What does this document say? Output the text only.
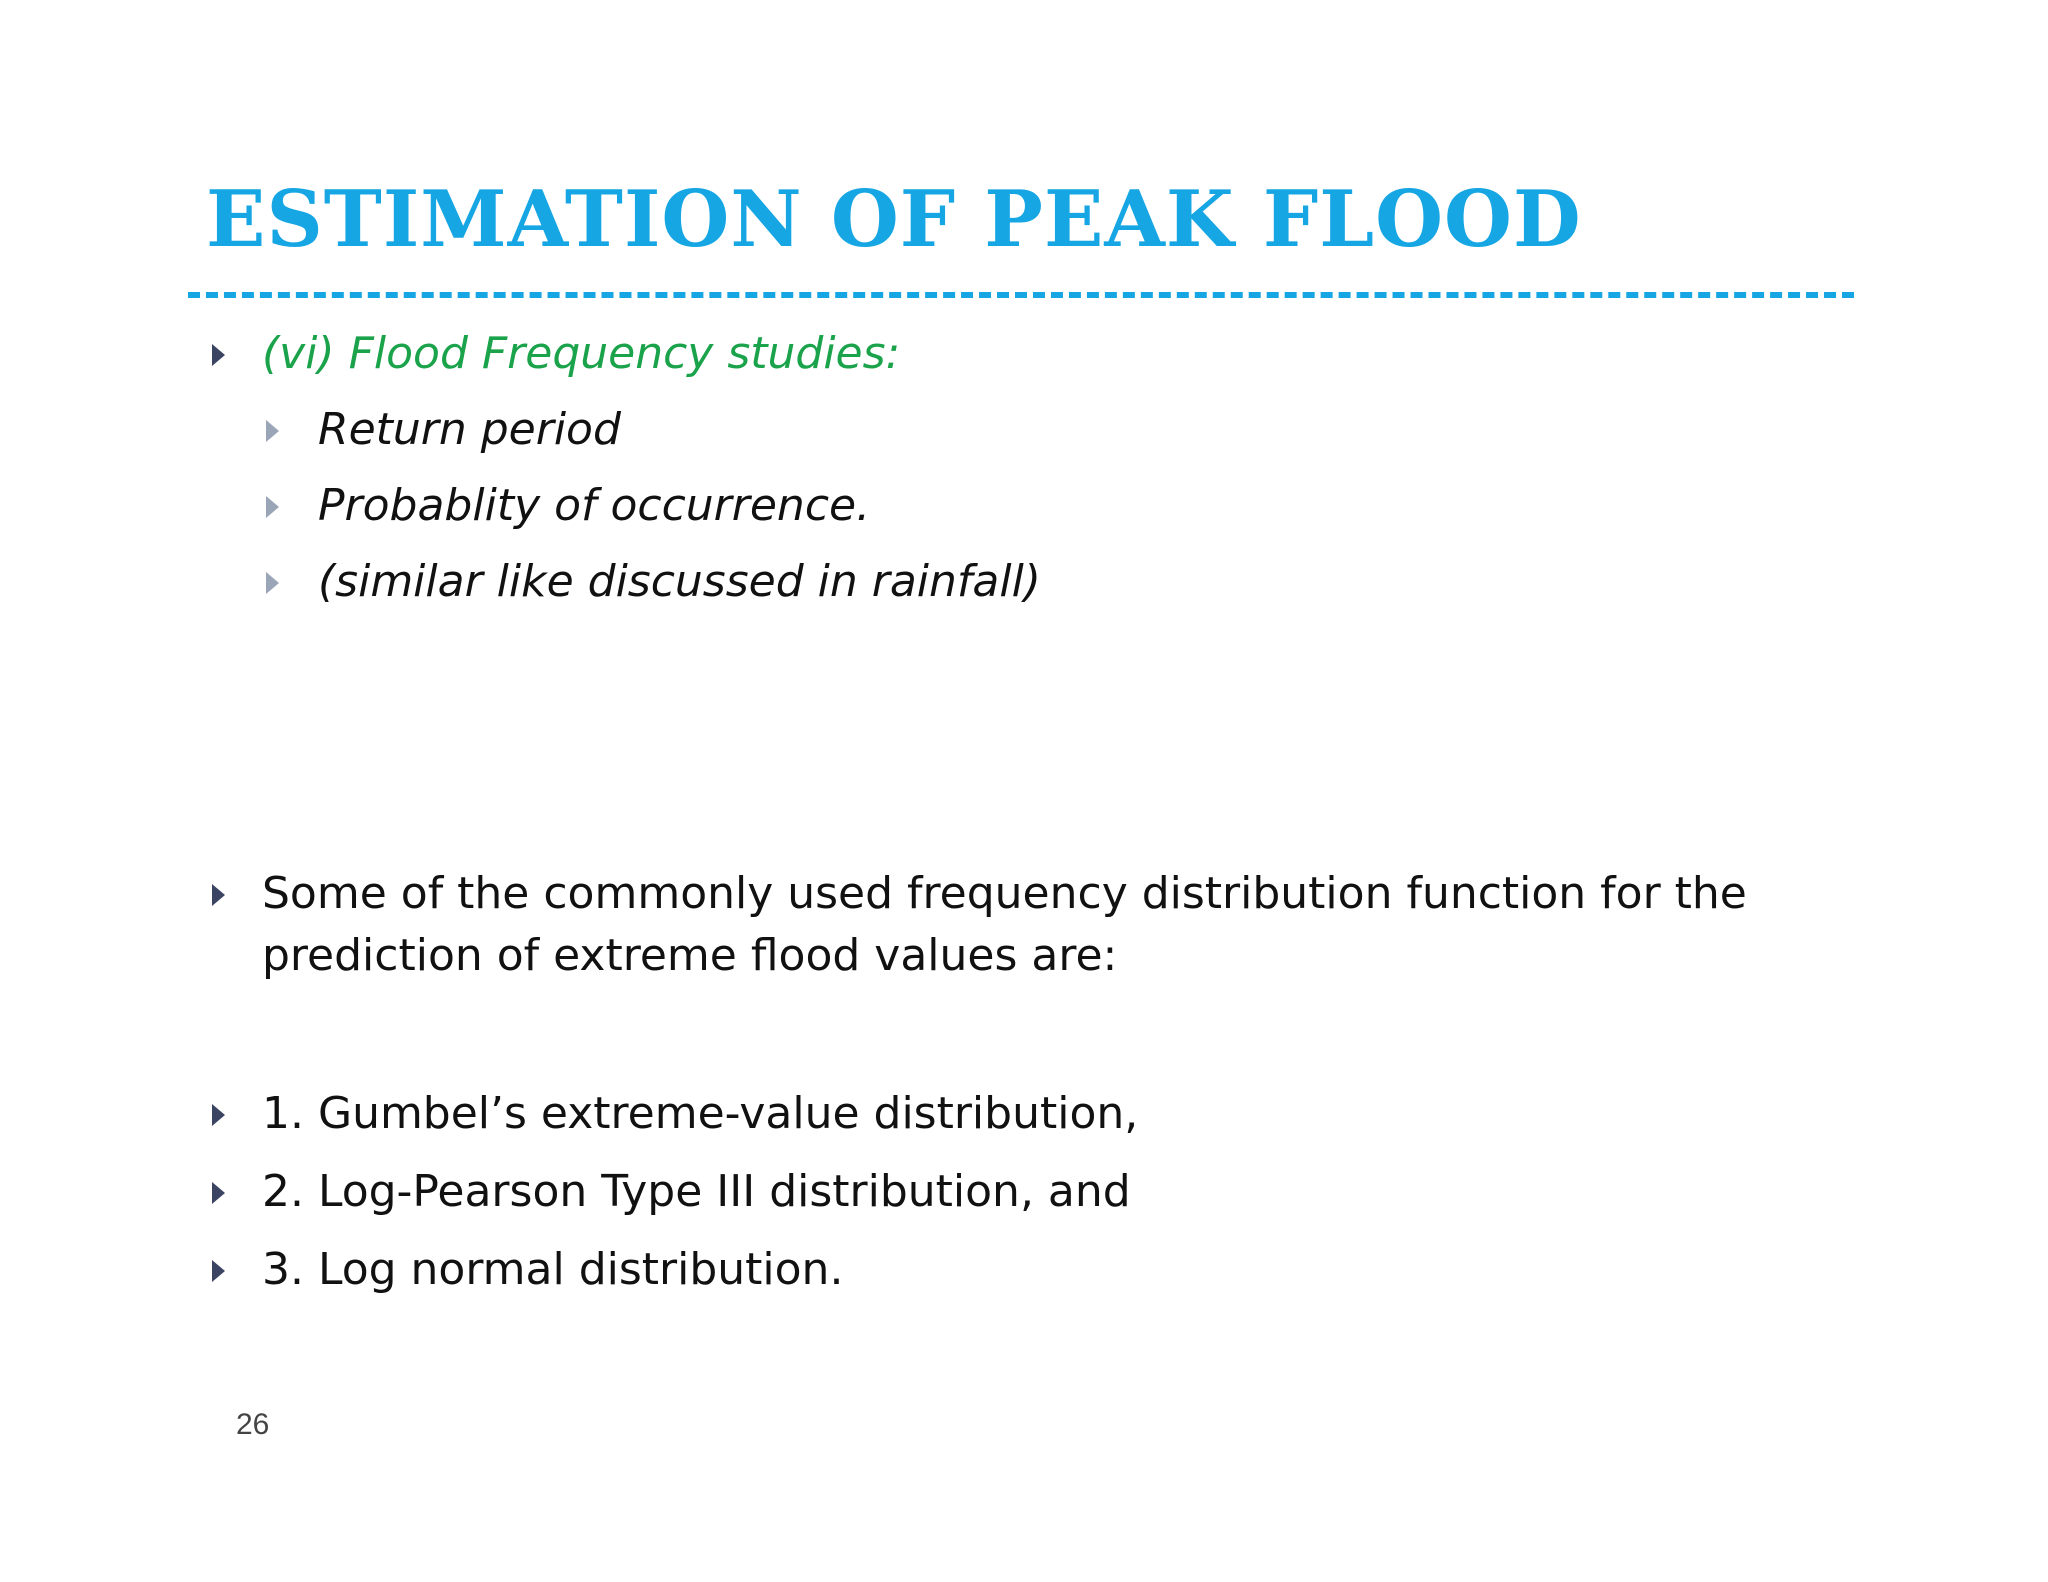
ESTIMATION OF PEAK FLOOD

(vi) Flood Frequency studies:

Return period

Probablity of occurrence.

(similar like discussed in rainfall)

Some of the commonly used frequency distribution function for the

prediction of extreme flood values are:

1. Gumbel’s extreme-value distribution,

2. Log-Pearson Type III distribution, and

3. Log normal distribution.

26
